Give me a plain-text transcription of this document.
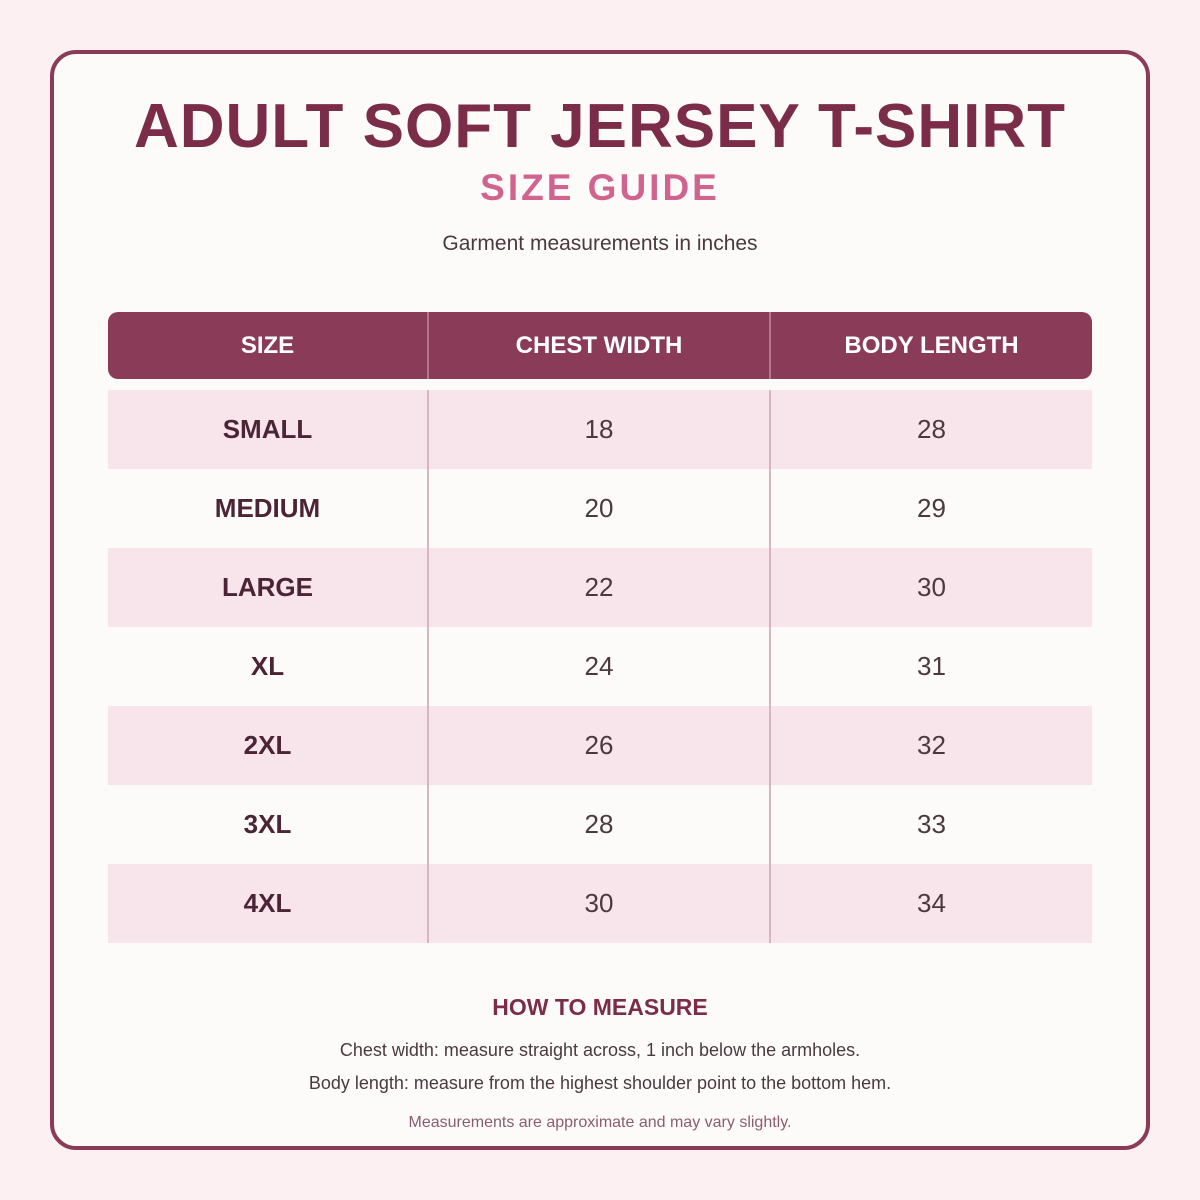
ADULT SOFT JERSEY T-SHIRT
SIZE GUIDE
Garment measurements in inches
SIZE	CHEST WIDTH	BODY LENGTH
SMALL	18	28
MEDIUM	20	29
LARGE	22	30
XL	24	31
2XL	26	32
3XL	28	33
4XL	30	34
HOW TO MEASURE
Chest width: measure straight across, 1 inch below the armholes.
Body length: measure from the highest shoulder point to the bottom hem.
Measurements are approximate and may vary slightly.
